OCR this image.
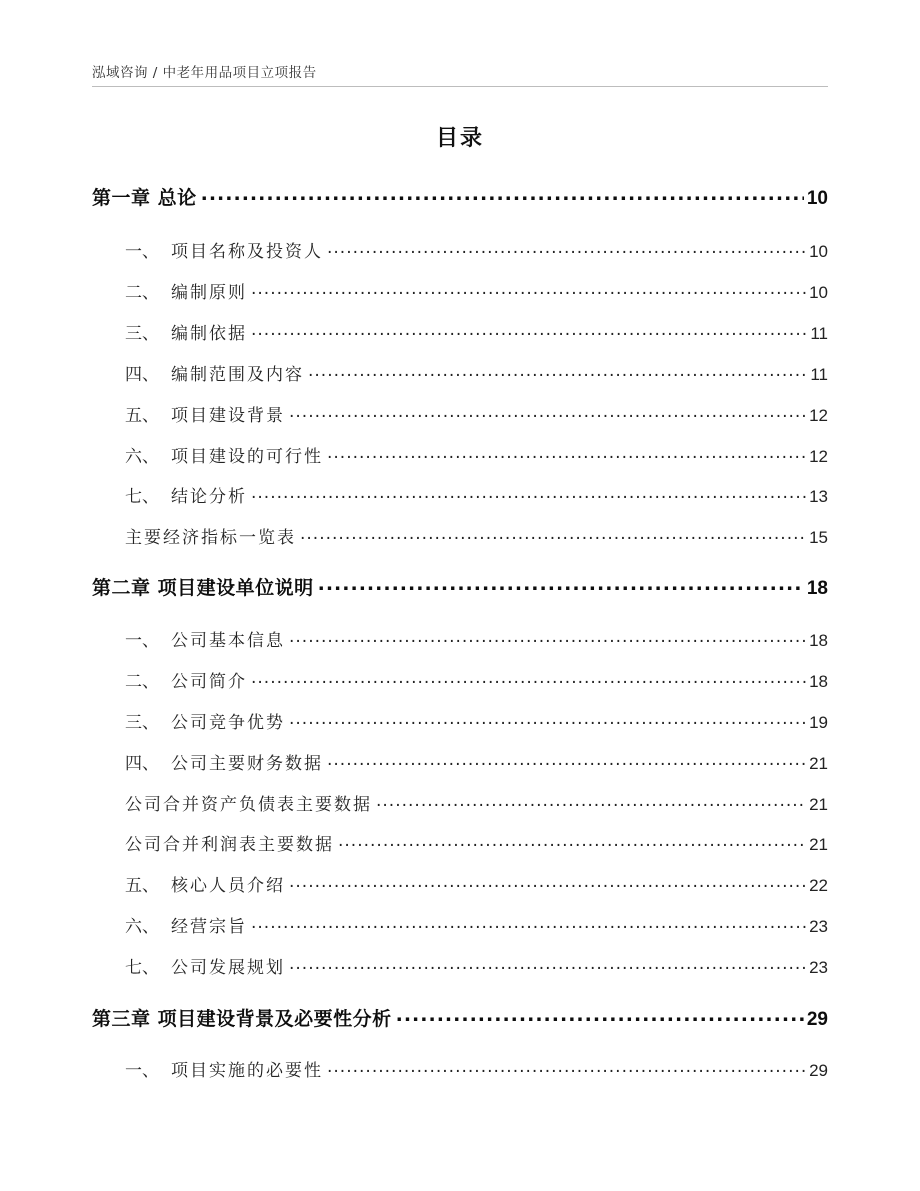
泓域咨询 / 中老年用品项目立项报告
目录
第一章 总论 .....	10
一、 项目名称及投资人 .....	10
二、 编制原则 .....	10
三、 编制依据 .....	11
四、 编制范围及内容 .....	11
五、 项目建设背景 .....	12
六、 项目建设的可行性 .....	12
七、 结论分析 .....	13
主要经济指标一览表 .....	15
第二章 项目建设单位说明 .....	18
一、 公司基本信息 .....	18
二、 公司简介 .....	18
三、 公司竞争优势 .....	19
四、 公司主要财务数据 .....	21
公司合并资产负债表主要数据 .....	21
公司合并利润表主要数据 .....	21
五、 核心人员介绍 .....	22
六、 经营宗旨 .....	23
七、 公司发展规划 .....	23
第三章 项目建设背景及必要性分析 .....	29
一、 项目实施的必要性 .....	29
